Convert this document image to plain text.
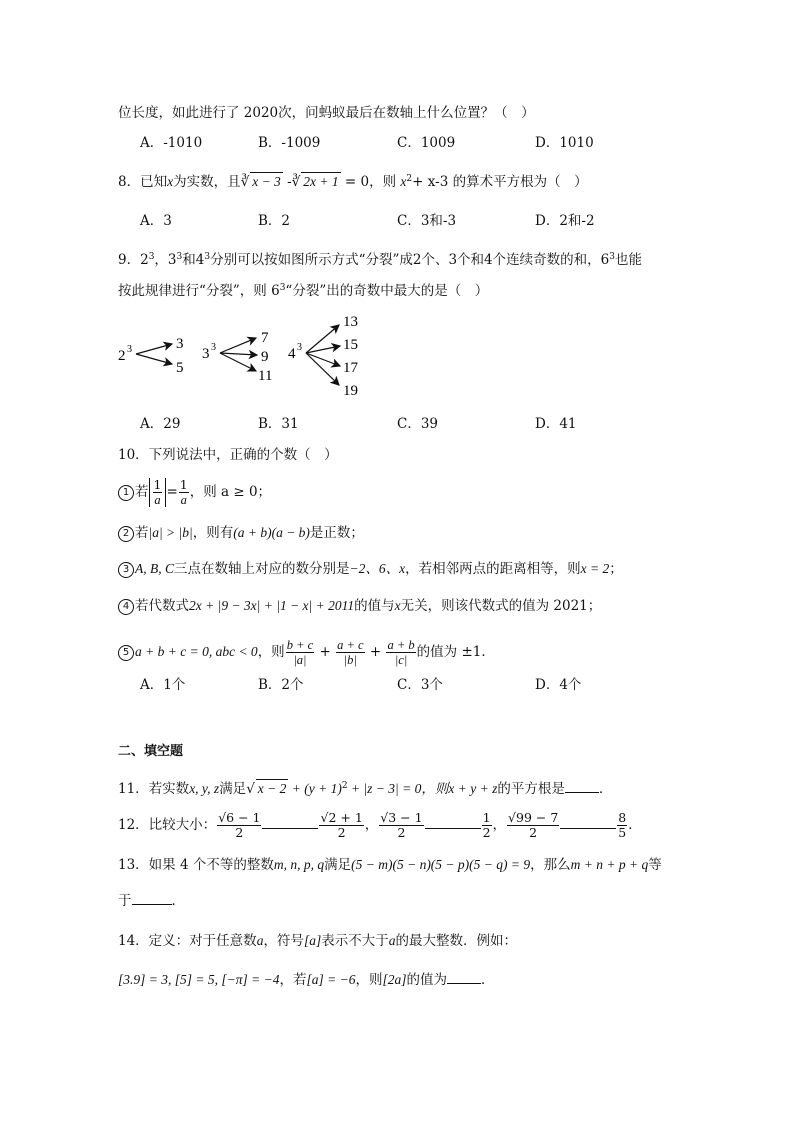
位长度，如此进行了 2020次，问蚂蚁最后在数轴上什么位置？（　）
A．-1010	B．-1009	C．1009	D．1010
8．已知x为实数，且∛ x − 3 -∛ 2x + 1 = 0，则 $x^2+ x-3$ 的算术平方根为（　）
A．3	B．2	C．3和-3	D．2和-2
9．$2^3$，$3^3$和$4^3$分别可以按如图所示方式“分裂”成2个、3个和4个连续奇数的和，$6^3$也能
按此规律进行“分裂”，则 $6^3“$分裂”出的奇数中最大的是（　）
2 3	3
5
3 3
7
9
11
4 3
13
15
17
19
A．29	B．31	C．39	D．41
10．下列说法中，正确的个数（　）
1 若 $\frac{1}{a} = \frac{1}{a}$ ，则 a ≥ 0；
2 若|a| > |b|，则有(a + b)(a − b)是正数；
3 A, B, C三点在数轴上对应的数分别是−2、6、x，若相邻两点的距离相等，则x = 2；
4 若代数式2x + |9 − 3x| + |1 − x| + 2011的值与x无关，则该代数式的值为 2021；
5 a + b + c = 0, abc < 0，则 $\frac{b + c}{|a|} + \frac{a + c}{|b|} + \frac{a + b}{|c|}$ 的值为 ±1．
A．1个	B．2个	C．3个	D．4个
二、填空题
11．若实数x, y, z满足√ $x - 2 + (y + 1)^2 + |z - 3| = 0$，则x + y + z的平方根是	．
12．比较大小： $\frac{√6 - 1}{2}$	$\frac{√2 + 1}{2}$ ， $\frac{√3 - 1}{2}$	$\frac{1}{2}$ ， $\frac{√99 - 7}{2}$	$\frac{8}{5}$ ．
13．如果 4 个不等的整数m, n, p, q满足(5 − m)(5 − n)(5 − p)(5 − q) = 9，那么m + n + p + q等
于	．
14．定义：对于任意数a，符号[a]表示不大于a的最大整数．例如：
[3.9] = 3, [5] = 5, [−π] = −4，若[a] = −6，则[2a]的值为	．
